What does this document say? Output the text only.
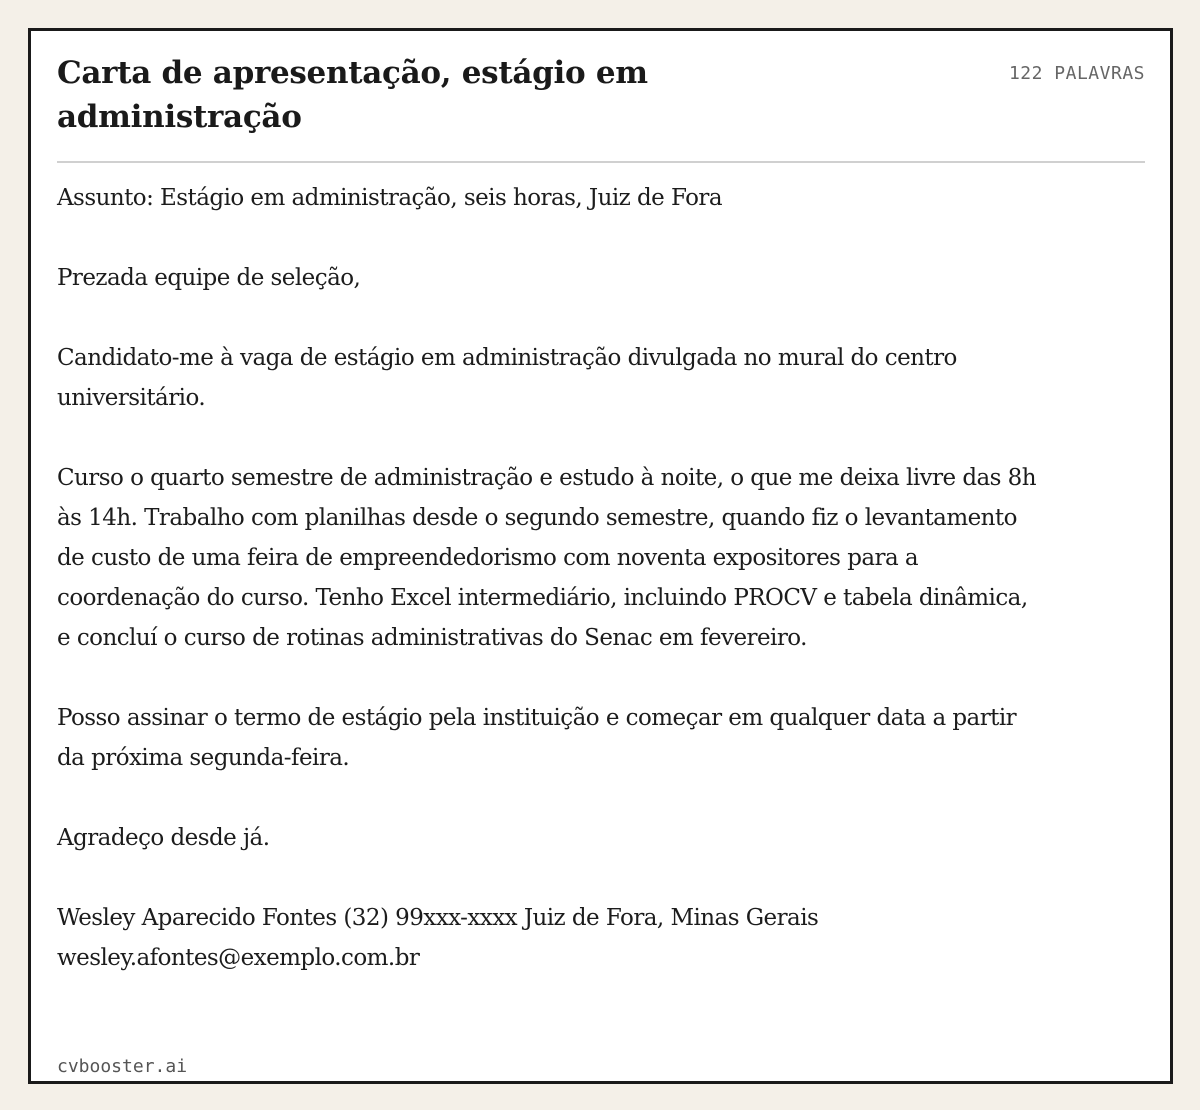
Carta de apresentação, estágio em administração
122 PALAVRAS

Assunto: Estágio em administração, seis horas, Juiz de Fora

Prezada equipe de seleção,

Candidato-me à vaga de estágio em administração divulgada no mural do centro universitário.

Curso o quarto semestre de administração e estudo à noite, o que me deixa livre das 8h às 14h. Trabalho com planilhas desde o segundo semestre, quando fiz o levantamento de custo de uma feira de empreendedorismo com noventa expositores para a coordenação do curso. Tenho Excel intermediário, incluindo PROCV e tabela dinâmica, e concluí o curso de rotinas administrativas do Senac em fevereiro.

Posso assinar o termo de estágio pela instituição e começar em qualquer data a partir da próxima segunda-feira.

Agradeço desde já.

Wesley Aparecido Fontes (32) 99xxx-xxxx Juiz de Fora, Minas Gerais wesley.afontes@exemplo.com.br

cvbooster.ai
